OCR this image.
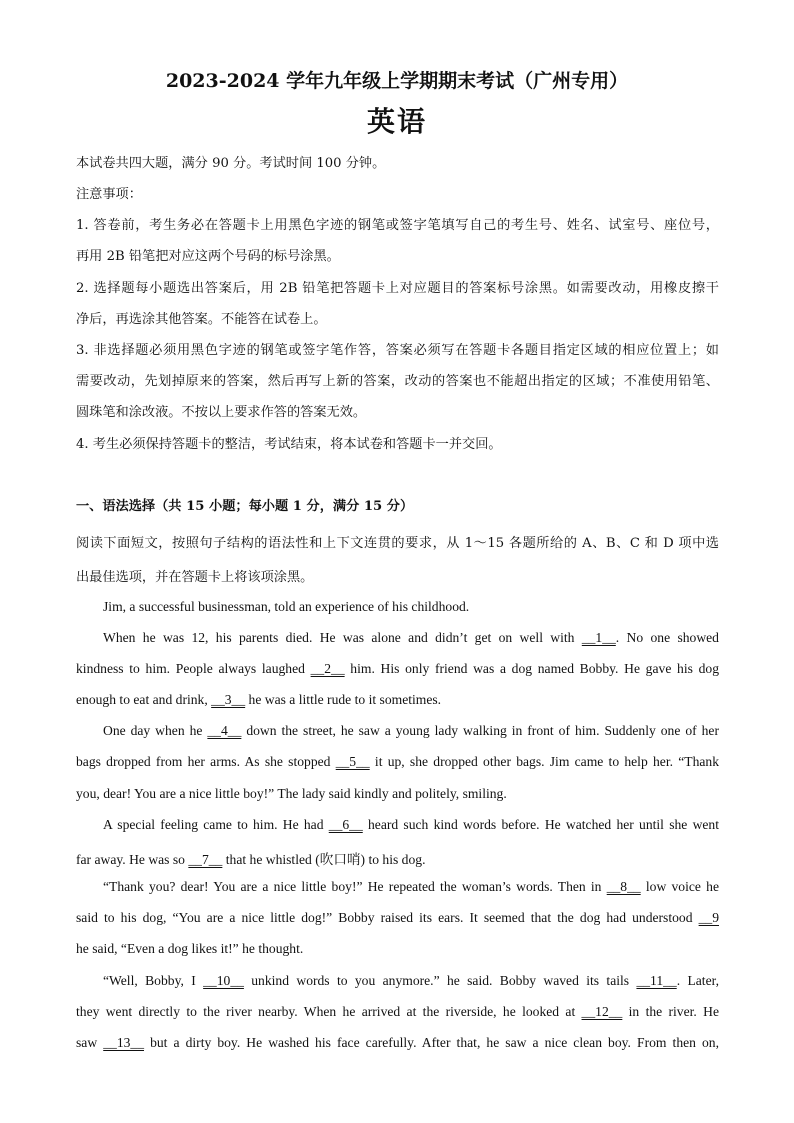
2023-2024 学年九年级上学期期末考试（广州专用）
英语
本试卷共四大题，满分 90 分。考试时间 100 分钟。
注意事项：
1. 答卷前，考生务必在答题卡上用黑色字迹的钢笔或签字笔填写自己的考生号、姓名、试室号、座位号，
再用 2B 铅笔把对应这两个号码的标号涂黑。
2. 选择题每小题选出答案后，用 2B 铅笔把答题卡上对应题目的答案标号涂黑。如需要改动，用橡皮擦干
净后，再选涂其他答案。不能答在试卷上。
3. 非选择题必须用黑色字迹的钢笔或签字笔作答，答案必须写在答题卡各题目指定区域的相应位置上；如
需要改动，先划掉原来的答案，然后再写上新的答案，改动的答案也不能超出指定的区域；不准使用铅笔、
圆珠笔和涂改液。不按以上要求作答的答案无效。
4. 考生必须保持答题卡的整洁，考试结束，将本试卷和答题卡一并交回。
一、语法选择（共 15 小题；每小题 1 分，满分 15 分）
阅读下面短文，按照句子结构的语法性和上下文连贯的要求，从 1～15 各题所给的 A、B、C 和 D 项中选
出最佳选项，并在答题卡上将该项涂黑。
Jim, a successful businessman, told an experience of his childhood.
When he was 12, his parents died. He was alone and didn’t get on well with __1__. No one showed
kindness to him. People always laughed __2__ him. His only friend was a dog named Bobby. He gave his dog
enough to eat and drink, __3__ he was a little rude to it sometimes.
One day when he __4__ down the street, he saw a young lady walking in front of him. Suddenly one of her
bags dropped from her arms. As she stopped __5__ it up, she dropped other bags. Jim came to help her. “Thank
you, dear! You are a nice little boy!” The lady said kindly and politely, smiling.
A special feeling came to him. He had __6__ heard such kind words before. He watched her until she went
far away. He was so __7__ that he whistled (吹口哨) to his dog.
“Thank you? dear! You are a nice little boy!” He repeated the woman’s words. Then in __8__ low voice he
said to his dog, “You are a nice little dog!” Bobby raised its ears. It seemed that the dog had understood __9
he said, “Even a dog likes it!” he thought.
“Well, Bobby, I __10__ unkind words to you anymore.” he said. Bobby waved its tails __11__. Later,
they went directly to the river nearby. When he arrived at the riverside, he looked at __12__ in the river. He
saw __13__ but a dirty boy. He washed his face carefully. After that, he saw a nice clean boy. From then on,
